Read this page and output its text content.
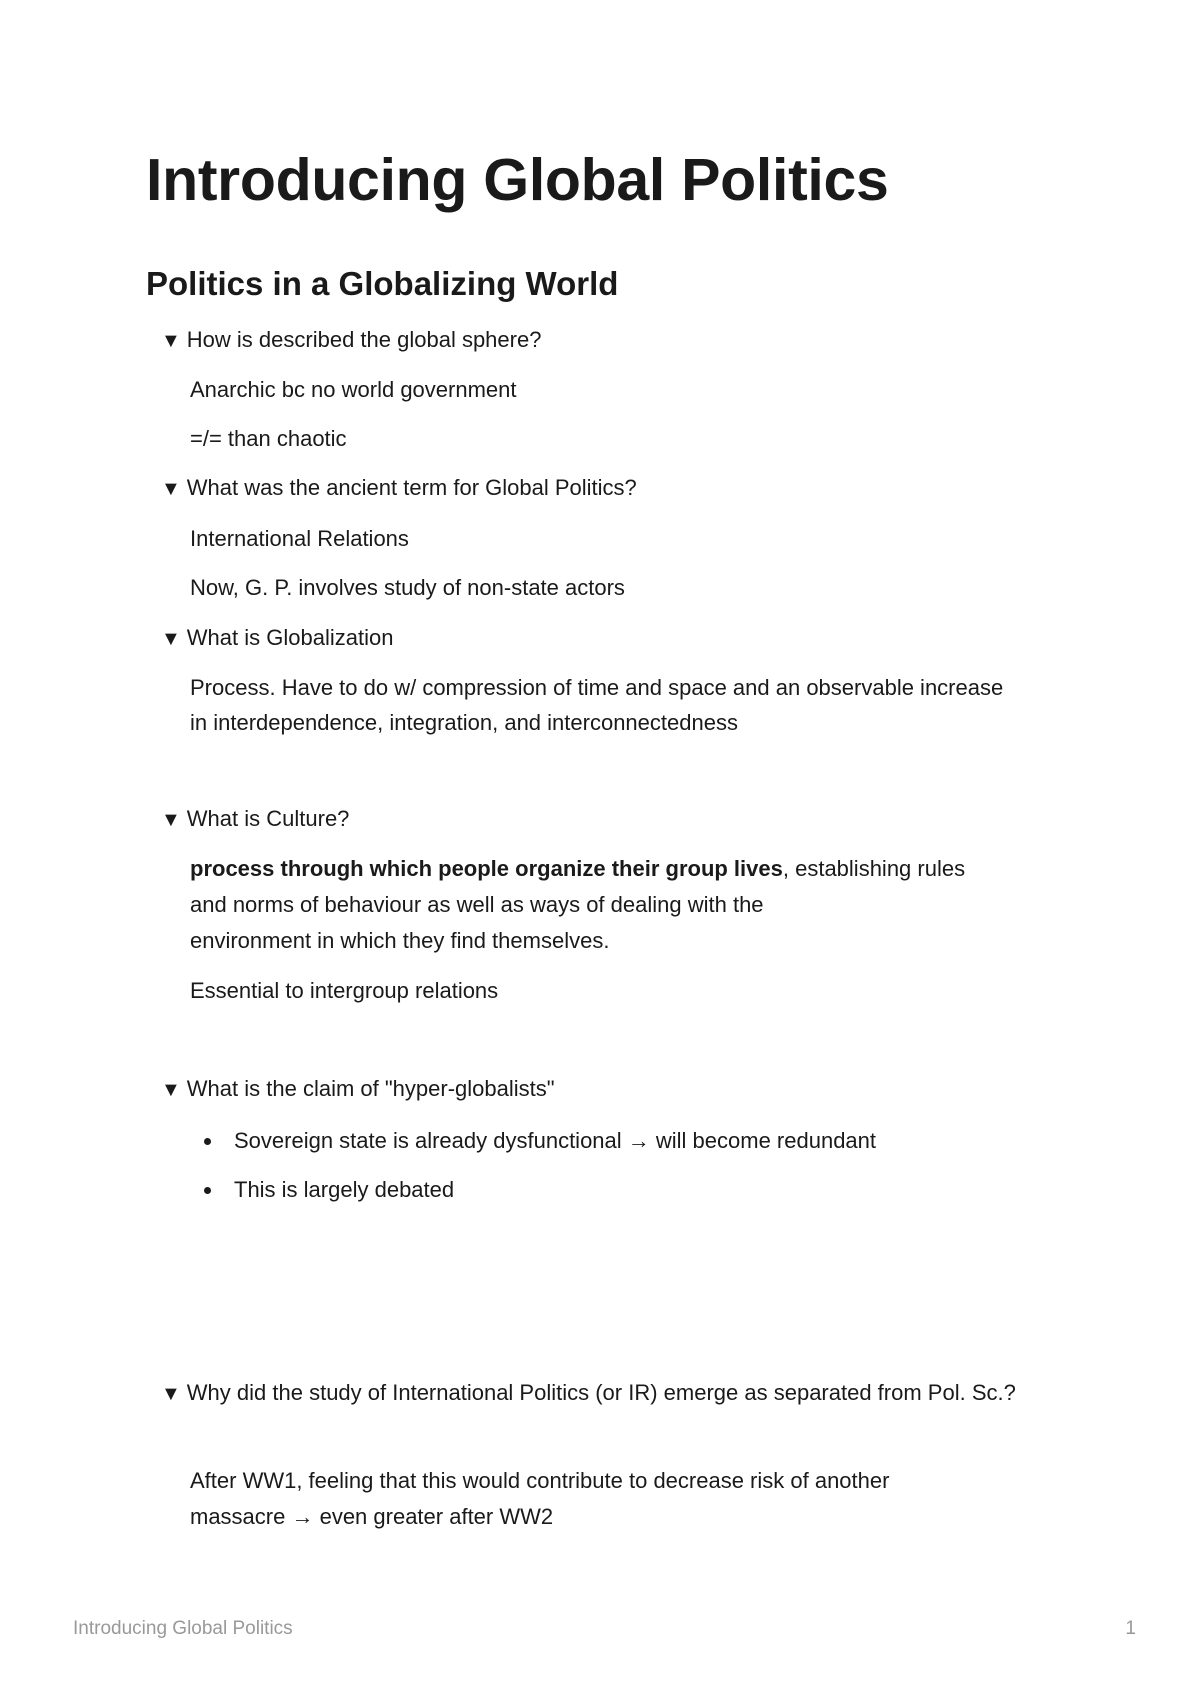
Introducing Global Politics
Politics in a Globalizing World
▼ How is described the global sphere?

Anarchic bc no world government

=/= than chaotic

▼ What was the ancient term for Global Politics?

International Relations

Now, G. P. involves study of non-state actors

▼ What is Globalization

Process. Have to do w/ compression of time and space and an observable increase in interdependence, integration, and interconnectedness

▼ What is Culture?
process through which people organize their group lives, establishing rules
and norms of behaviour as well as ways of dealing with the
environment in which they find themselves.

Essential to intergroup relations

▼ What is the claim of "hyper-globalists"
Sovereign state is already dysfunctional → will become redundant
This is largely debated
▼ Why did the study of International Politics (or IR) emerge as separated from Pol. Sc.?
After WW1, feeling that this would contribute to decrease risk of another
massacre → even greater after WW2
Introducing Global Politics	1
